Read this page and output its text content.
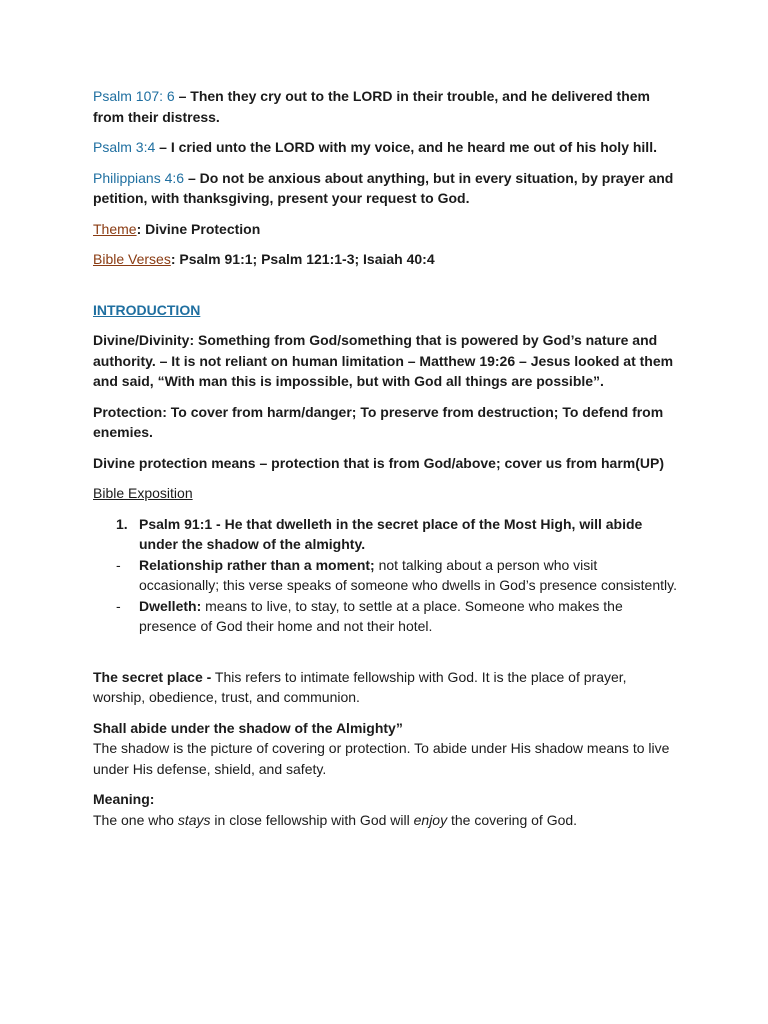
Psalm 107: 6 – Then they cry out to the LORD in their trouble, and he delivered them from their distress.

Psalm 3:4 – I cried unto the LORD with my voice, and he heard me out of his holy hill.

Philippians 4:6 – Do not be anxious about anything, but in every situation, by prayer and petition, with thanksgiving, present your request to God.

Theme: Divine Protection

Bible Verses: Psalm 91:1; Psalm 121:1-3; Isaiah 40:4

INTRODUCTION

Divine/Divinity: Something from God/something that is powered by God’s nature and authority. – It is not reliant on human limitation – Matthew 19:26 – Jesus looked at them and said, “With man this is impossible, but with God all things are possible”.

Protection: To cover from harm/danger; To preserve from destruction; To defend from enemies.

Divine protection means – protection that is from God/above; cover us from harm(UP)

Bible Exposition

1. Psalm 91:1 - He that dwelleth in the secret place of the Most High, will abide under the shadow of the almighty.
-	Relationship rather than a moment; not talking about a person who visit occasionally; this verse speaks of someone who dwells in God’s presence consistently.
-	Dwelleth: means to live, to stay, to settle at a place. Someone who makes the presence of God their home and not their hotel.

The secret place - This refers to intimate fellowship with God. It is the place of prayer, worship, obedience, trust, and communion.

Shall abide under the shadow of the Almighty”
The shadow is the picture of covering or protection. To abide under His shadow means to live under His defense, shield, and safety.

Meaning:
The one who stays in close fellowship with God will enjoy the covering of God.
